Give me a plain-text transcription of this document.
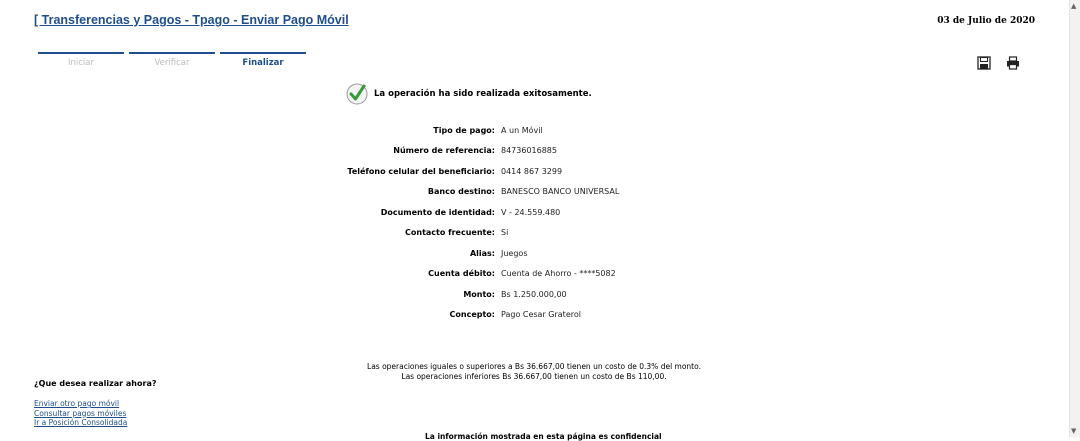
[ Transferencias y Pagos - Tpago - Enviar Pago Móvil	03 de Julio de 2020
Iniciar	Verificar	Finalizar
La operación ha sido realizada exitosamente.
Tipo de pago: A un Móvil
Número de referencia: 84736016885
Teléfono celular del beneficiario: 0414 867 3299
Banco destino: BANESCO BANCO UNIVERSAL
Documento de identidad: V - 24.559.480
Contacto frecuente: Si
Alias: Juegos
Cuenta débito: Cuenta de Ahorro - ****5082
Monto: Bs 1.250.000,00
Concepto: Pago Cesar Graterol
Las operaciones iguales o superiores a Bs 36.667,00 tienen un costo de 0.3% del monto.
Las operaciones inferiores Bs 36.667,00 tienen un costo de Bs 110,00.
¿Que desea realizar ahora?
Enviar otro pago móvil
Consultar pagos móviles
Ir a Posición Consolidada
La información mostrada en esta página es confidencial
▲
▼
